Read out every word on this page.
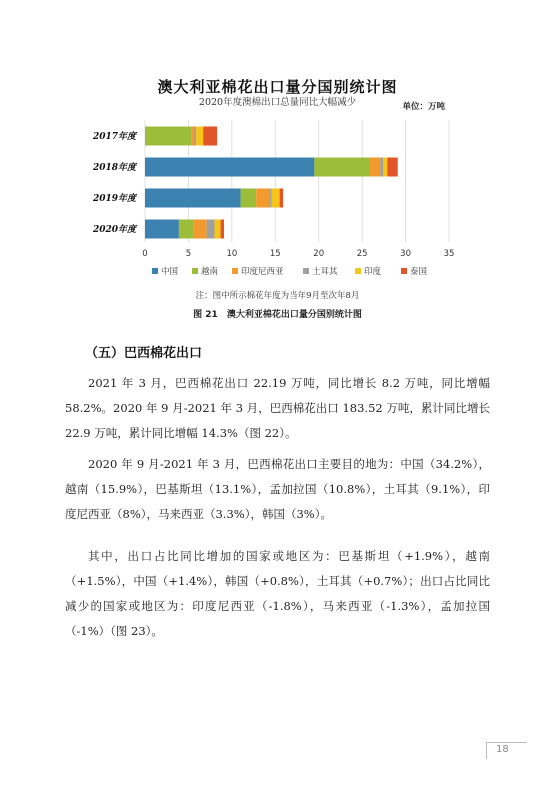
澳大利亚棉花出口量分国别统计图
2020年度澳棉出口总量同比大幅减少	单位：万吨
2017年度
2018年度
2019年度
2020年度
0	5	10	15	20	25	30	35
中国	越南	印度尼西亚	土耳其	印度	泰国
注：图中所示棉花年度为当年9月至次年8月
图 21　澳大利亚棉花出口量分国别统计图
（五）巴西棉花出口

2021 年 3 月，巴西棉花出口 22.19 万吨，同比增长 8.2 万吨，同比增幅 58.2%。2020 年 9 月-2021 年 3 月，巴西棉花出口 183.52 万吨，累计同比增长 22.9 万吨，累计同比增幅 14.3%（图 22）。

2020 年 9 月-2021 年 3 月，巴西棉花出口主要目的地为：中国（34.2%），越南（15.9%），巴基斯坦（13.1%），孟加拉国（10.8%），土耳其（9.1%），印度尼西亚（8%），马来西亚（3.3%），韩国（3%）。

其中，出口占比同比增加的国家或地区为：巴基斯坦（+1.9%），越南（+1.5%），中国（+1.4%），韩国（+0.8%），土耳其（+0.7%）；出口占比同比减少的国家或地区为：印度尼西亚（-1.8%），马来西亚（-1.3%），孟加拉国（-1%）（图 23）。

18
